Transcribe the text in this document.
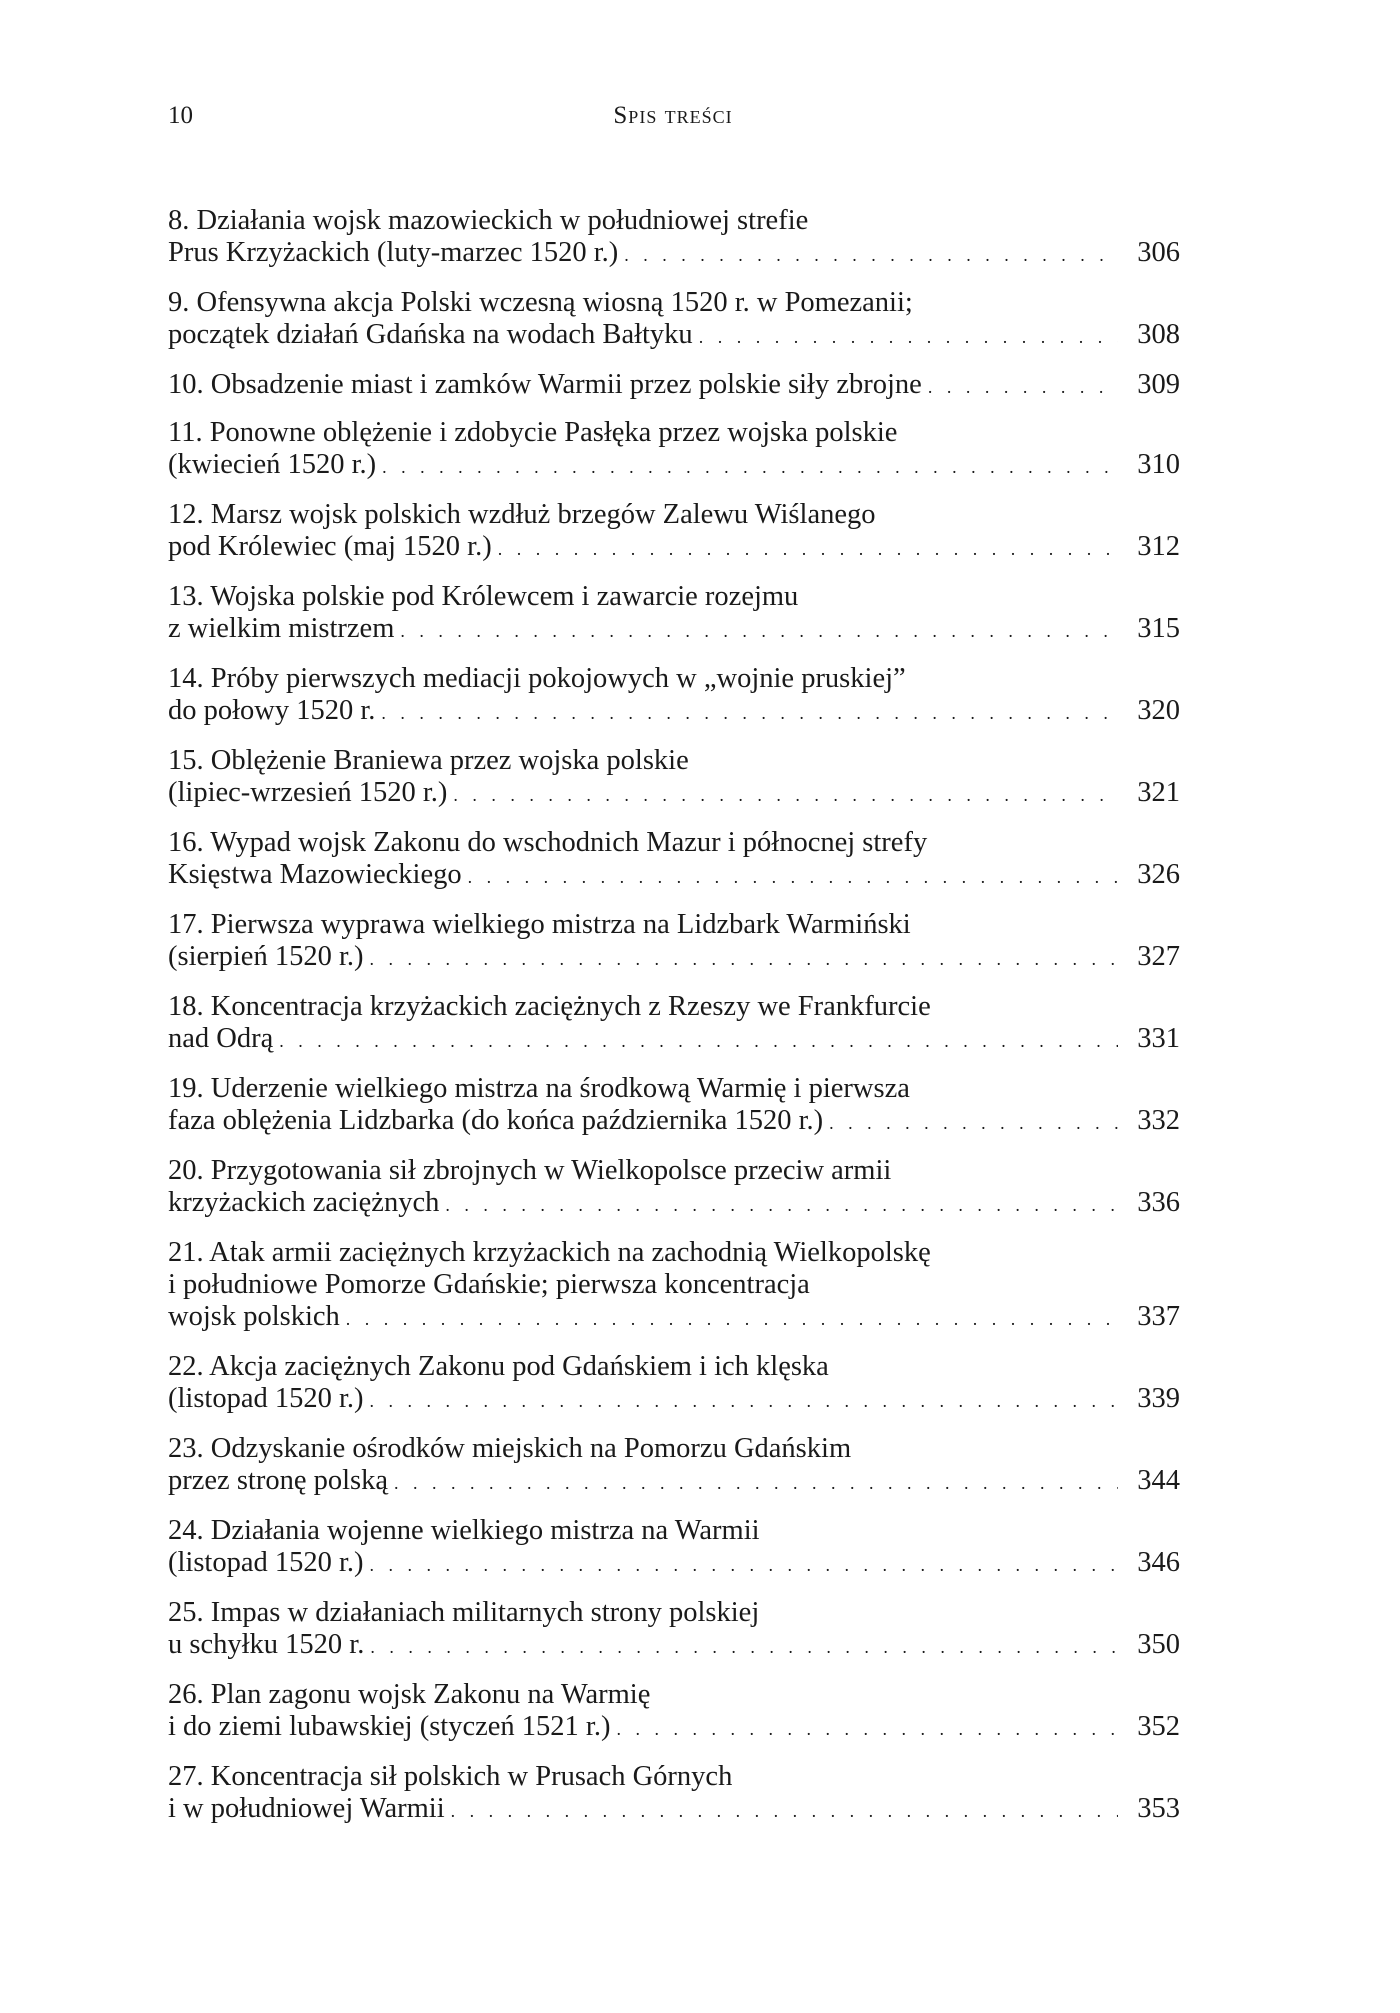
10	Spis treści
8. Działania wojsk mazowieckich w południowej strefie
Prus Krzyżackich (luty-marzec 1520 r.) . . .	306
9. Ofensywna akcja Polski wczesną wiosną 1520 r. w Pomezanii;
początek działań Gdańska na wodach Bałtyku . . .	308
10. Obsadzenie miast i zamków Warmii przez polskie siły zbrojne . . .	309
11. Ponowne oblężenie i zdobycie Pasłęka przez wojska polskie
(kwiecień 1520 r.) . . .	310
12. Marsz wojsk polskich wzdłuż brzegów Zalewu Wiślanego
pod Królewiec (maj 1520 r.) . . .	312
13. Wojska polskie pod Królewcem i zawarcie rozejmu
z wielkim mistrzem . . .	315
14. Próby pierwszych mediacji pokojowych w „wojnie pruskiej”
do połowy 1520 r. . . .	320
15. Oblężenie Braniewa przez wojska polskie
(lipiec-wrzesień 1520 r.) . . .	321
16. Wypad wojsk Zakonu do wschodnich Mazur i północnej strefy
Księstwa Mazowieckiego . . .	326
17. Pierwsza wyprawa wielkiego mistrza na Lidzbark Warmiński
(sierpień 1520 r.) . . .	327
18. Koncentracja krzyżackich zaciężnych z Rzeszy we Frankfurcie
nad Odrą . . .	331
19. Uderzenie wielkiego mistrza na środkową Warmię i pierwsza
faza oblężenia Lidzbarka (do końca października 1520 r.) . . .	332
20. Przygotowania sił zbrojnych w Wielkopolsce przeciw armii
krzyżackich zaciężnych . . .	336
21. Atak armii zaciężnych krzyżackich na zachodnią Wielkopolskę
i południowe Pomorze Gdańskie; pierwsza koncentracja
wojsk polskich . . .	337
22. Akcja zaciężnych Zakonu pod Gdańskiem i ich klęska
(listopad 1520 r.) . . .	339
23. Odzyskanie ośrodków miejskich na Pomorzu Gdańskim
przez stronę polską . . .	344
24. Działania wojenne wielkiego mistrza na Warmii
(listopad 1520 r.) . . .	346
25. Impas w działaniach militarnych strony polskiej
u schyłku 1520 r. . . .	350
26. Plan zagonu wojsk Zakonu na Warmię
i do ziemi lubawskiej (styczeń 1521 r.) . . .	352
27. Koncentracja sił polskich w Prusach Górnych
i w południowej Warmii . . .	353
